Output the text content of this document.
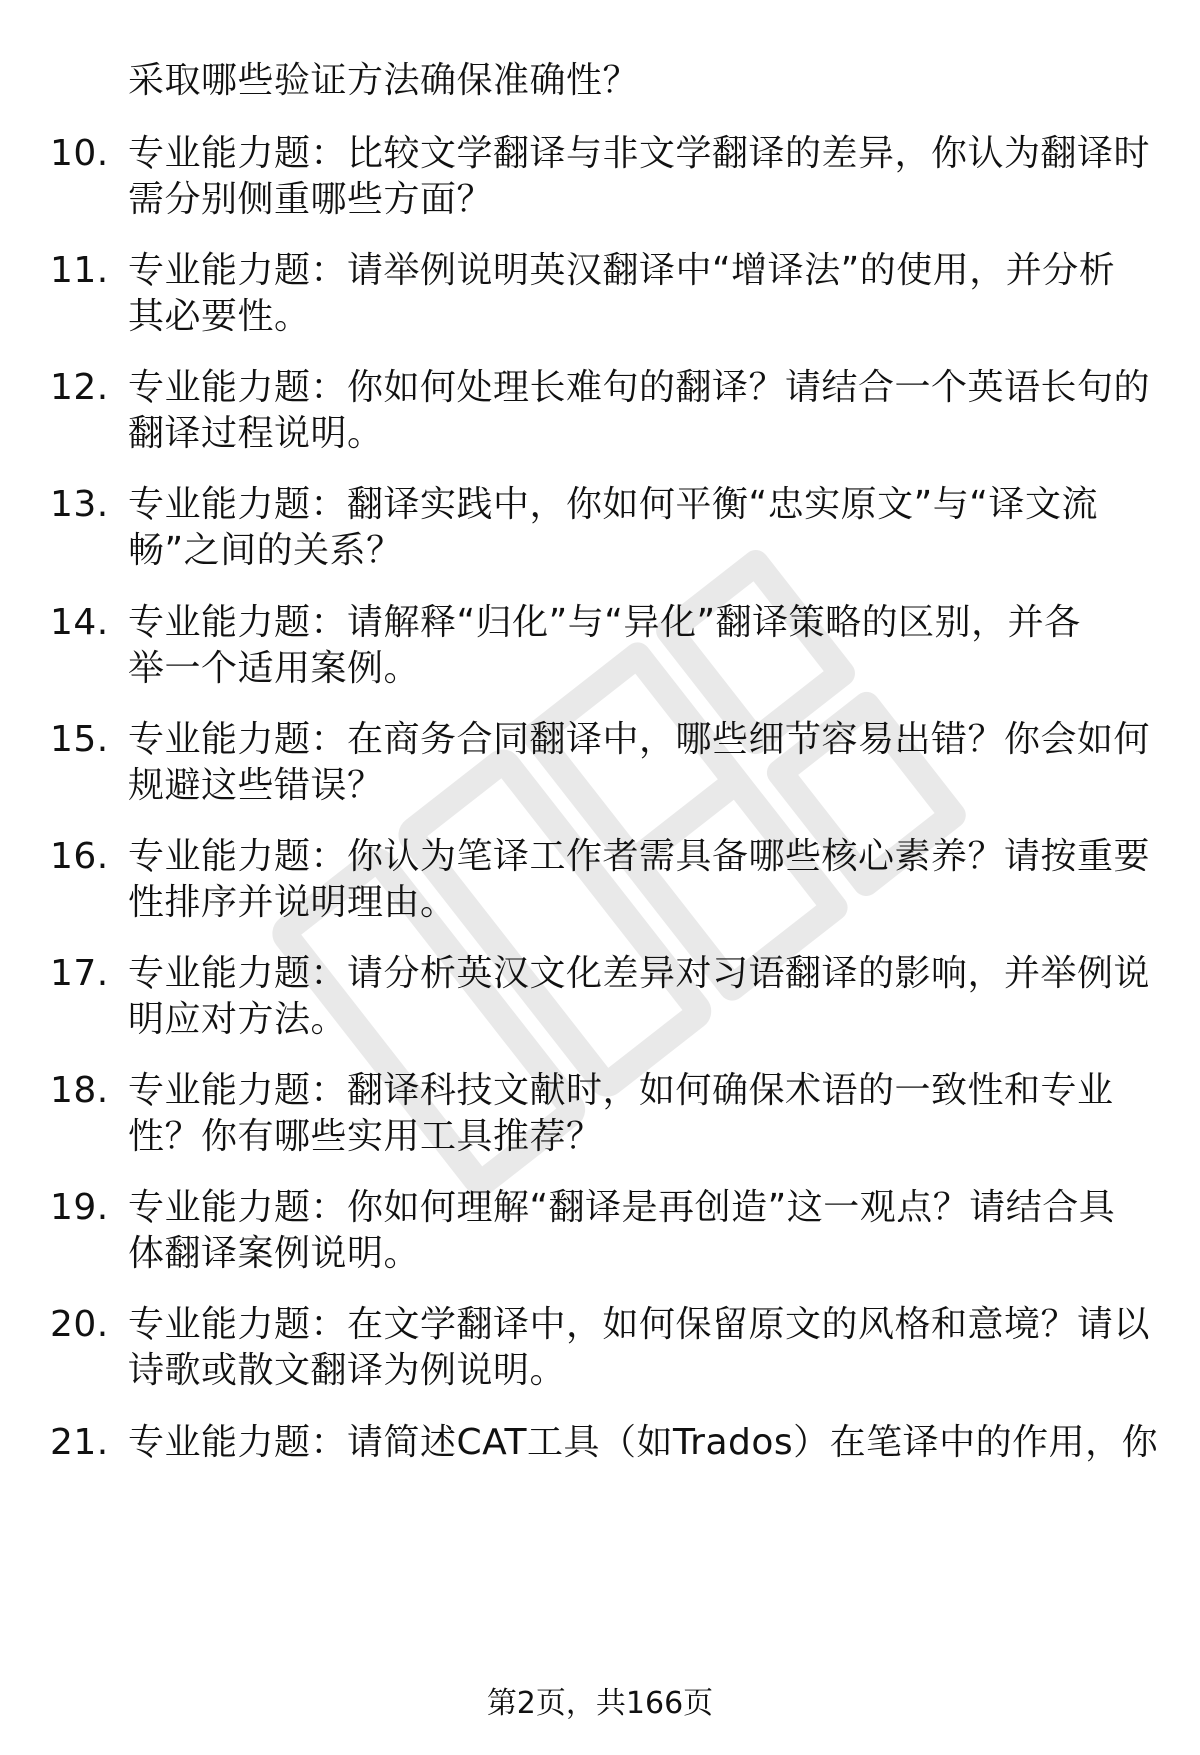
采取哪些验证方法确保准确性？
10. 专业能力题：比较文学翻译与非文学翻译的差异，你认为翻译时
需分别侧重哪些方面？
11. 专业能力题：请举例说明英汉翻译中“增译法”的使用，并分析
其必要性。
12. 专业能力题：你如何处理长难句的翻译？请结合一个英语长句的
翻译过程说明。
13. 专业能力题：翻译实践中，你如何平衡“忠实原文”与“译文流
畅”之间的关系？
14. 专业能力题：请解释“归化”与“异化”翻译策略的区别，并各
举一个适用案例。
15. 专业能力题：在商务合同翻译中，哪些细节容易出错？你会如何
规避这些错误？
16. 专业能力题：你认为笔译工作者需具备哪些核心素养？请按重要
性排序并说明理由。
17. 专业能力题：请分析英汉文化差异对习语翻译的影响，并举例说
明应对方法。
18. 专业能力题：翻译科技文献时，如何确保术语的一致性和专业
性？你有哪些实用工具推荐？
19. 专业能力题：你如何理解“翻译是再创造”这一观点？请结合具
体翻译案例说明。
20. 专业能力题：在文学翻译中，如何保留原文的风格和意境？请以
诗歌或散文翻译为例说明。
21. 专业能力题：请简述CAT工具（如Trados）在笔译中的作用，你
第2页，共166页
